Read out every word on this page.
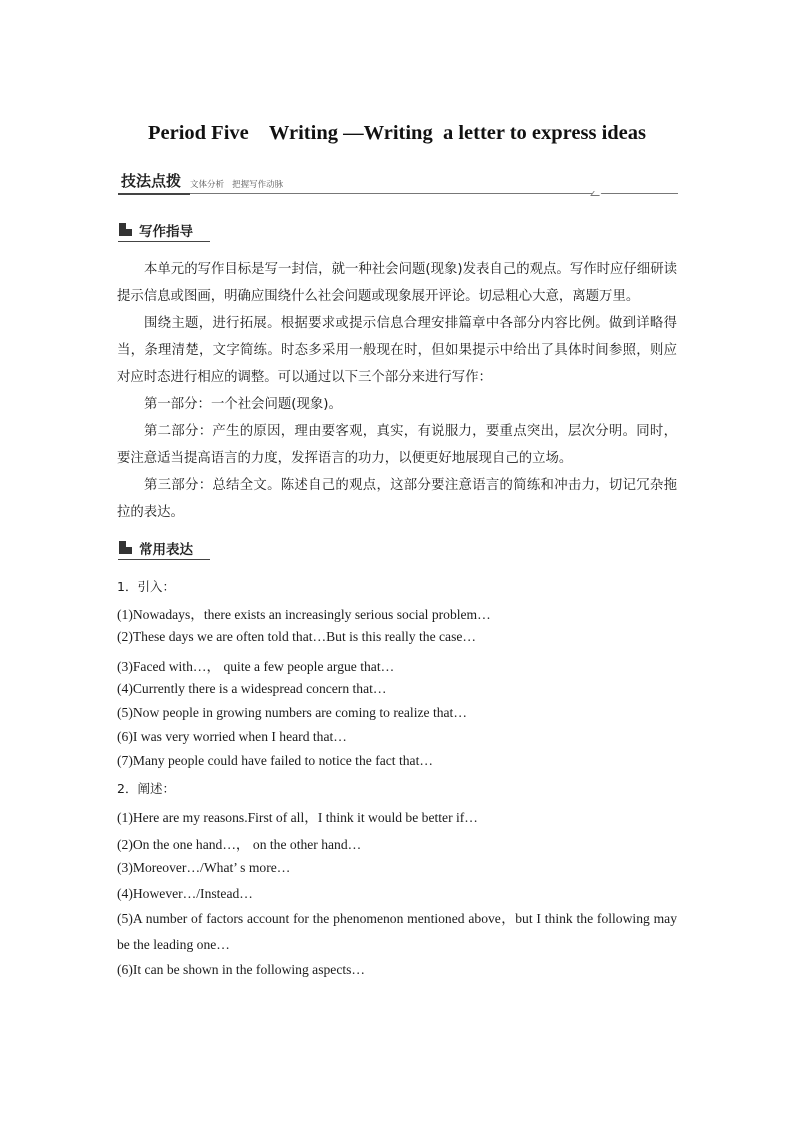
Period Five    Writing —Writing  a letter to express ideas
技法点拨	文体分析   把握写作动脉
写作指导

本单元的写作目标是写一封信，就一种社会问题(现象)发表自己的观点。写作时应仔细研读提示信息或图画，明确应围绕什么社会问题或现象展开评论。切忌粗心大意，离题万里。

围绕主题，进行拓展。根据要求或提示信息合理安排篇章中各部分内容比例。做到详略得当，条理清楚，文字简练。时态多采用一般现在时，但如果提示中给出了具体时间参照，则应对应时态进行相应的调整。可以通过以下三个部分来进行写作：

第一部分：一个社会问题(现象)。

第二部分：产生的原因，理由要客观，真实，有说服力，要重点突出，层次分明。同时，要注意适当提高语言的力度，发挥语言的功力，以便更好地展现自己的立场。

第三部分：总结全文。陈述自己的观点，这部分要注意语言的简练和冲击力，切记冗杂拖拉的表达。

常用表达
1．引入：
(1)Nowadays，there exists an increasingly serious social problem…
(2)These days we are often told that…But is this really the case…
(3)Faced with…， quite a few people argue that…
(4)Currently there is a widespread concern that…
(5)Now people in growing numbers are coming to realize that…
(6)I was very worried when I heard that…
(7)Many people could have failed to notice the fact that…
2．阐述：
(1)Here are my reasons.First of all，I think it would be better if…
(2)On the one hand…， on the other hand…
(3)Moreover…/What’ s more…
(4)However…/Instead…
(5)A number of factors account for the phenomenon mentioned above，but I think the following may be the leading one…
(6)It can be shown in the following aspects…
